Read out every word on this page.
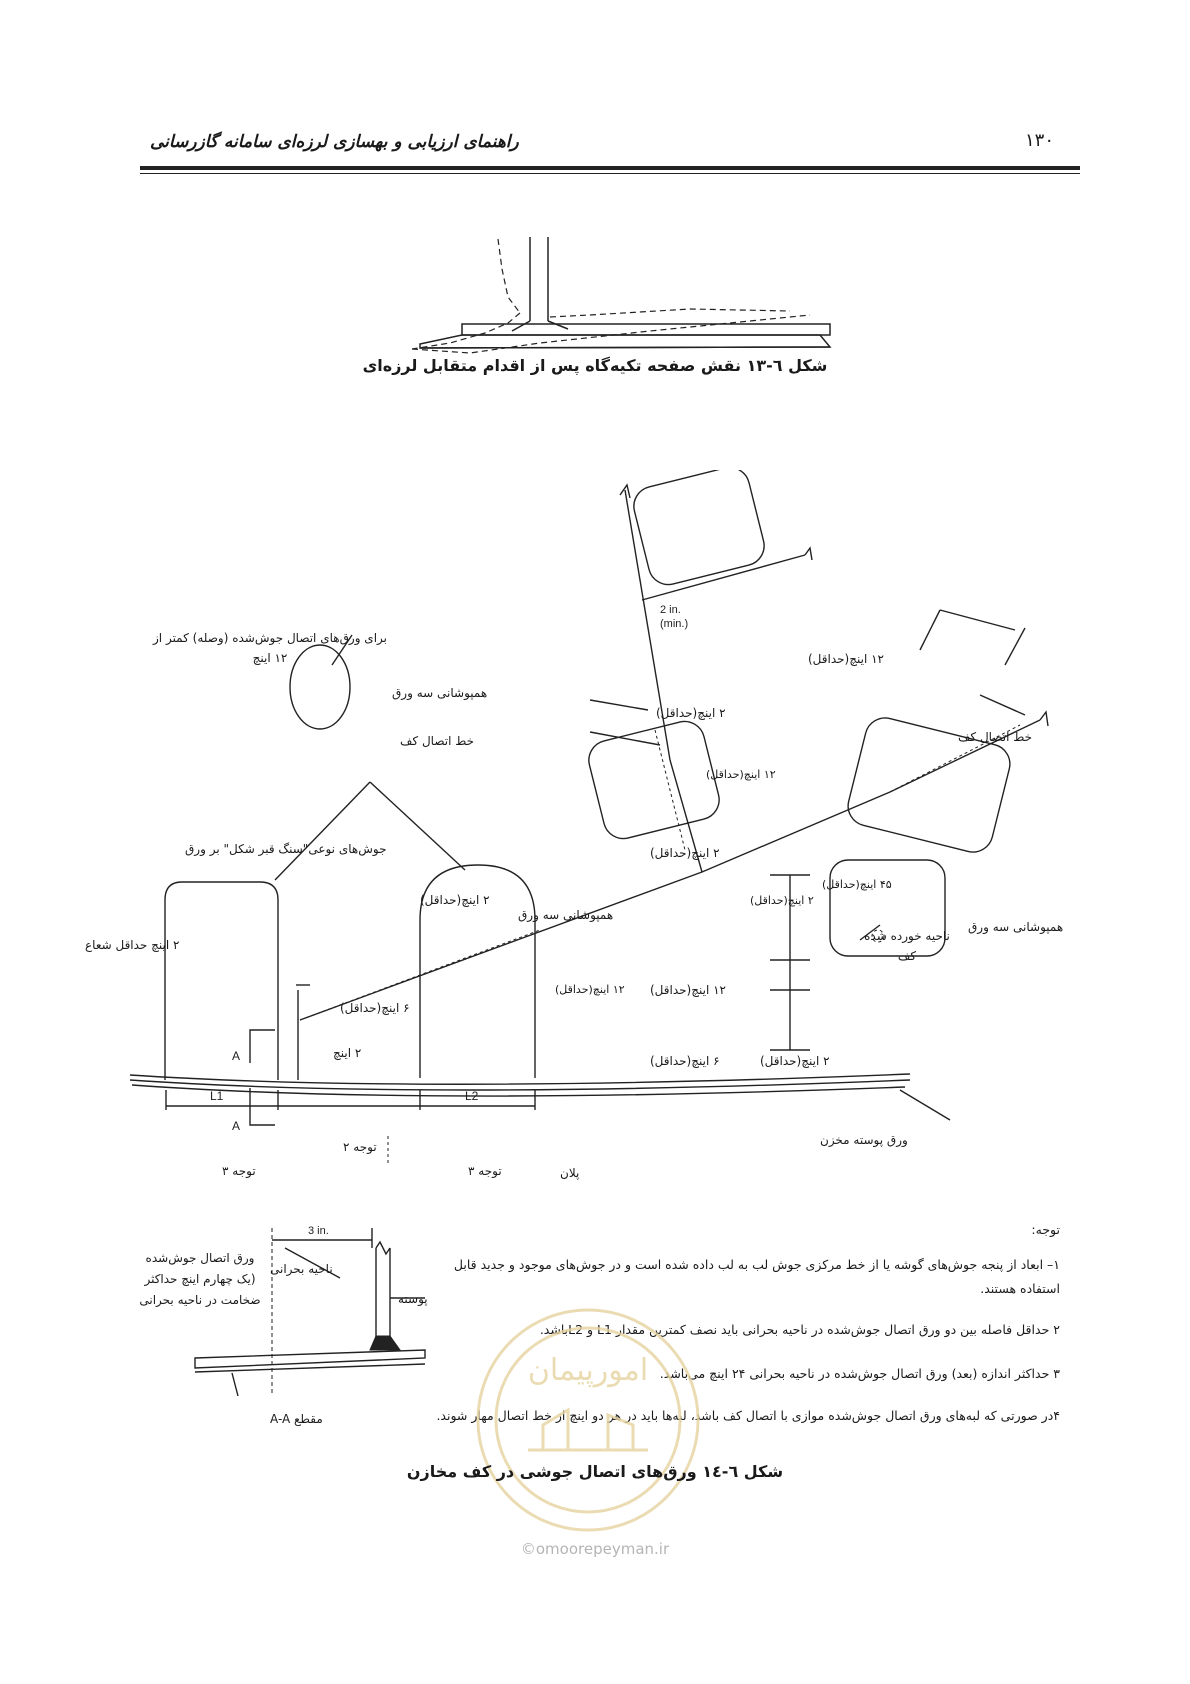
راهنمای ارزیابی و بهسازی لرزه‌ای سامانه گازرسانی	۱۳۰
شکل ٦-۱۳ نقش صفحه تکیه‌گاه پس از اقدام متقابل لرزه‌ای
2 in.
(min.)
L1	L2
A
A
برای ورق‌های اتصال جوش‌شده (وصله) کمتر از ۱۲ اینچ
همپوشانی سه ورق
خط اتصال کف
جوش‌های نوعی"سنگ قبر شکل" بر ورق
۲ اینچ حداقل شعاع
۲ اینچ(حداقل)
۱۲ اینچ(حداقل)
خط اتصال کف
۱۲ اینچ(حداقل)
۲ اینچ(حداقل)
۴۵ اینچ(حداقل)
۲ اینچ(حداقل)
همپوشانی سه ورق
۲ اینچ(حداقل)
همپوشانی سه ورق
ناحیه خورده شده کف
۱۲ اینچ(حداقل) ۱۲ اینچ(حداقل)
۶ اینچ(حداقل)
۲ اینچ
۶ اینچ(حداقل)	۲ اینچ(حداقل)
ورق پوسته مخزن
پلان
توجه ۳
توجه ۲
توجه ۳
3 in.
ورق اتصال جوش‌شده (یک چهارم اینچ حداکثر ضخامت در ناحیه بحرانی
ناحیه بحرانی
پوسته
مقطع A-A
توجه:
۱– ابعاد از پنجه جوش‌های گوشه یا از خط مرکزی جوش لب به لب داده شده است و در جوش‌های موجود و جدید قابل استفاده هستند.
۲ حداقل فاصله بین دو ورق اتصال جوش‌شده در ناحیه بحرانی باید نصف کمترین مقدار L1 و L2باشد.
۳ حداکثر اندازه (بعد) ورق اتصال جوش‌شده در ناحیه بحرانی ۲۴ اینچ می‌باشد.
۴در صورتی که لبه‌های ورق اتصال جوش‌شده موازی با اتصال کف باشد، لبه‌ها باید در هر دو اینچ از خط اتصال مهار شوند.
امورپیمان
شکل ٦-۱٤ ورق‌های اتصال جوشی در کف مخازن
©omoorepeyman.ir
